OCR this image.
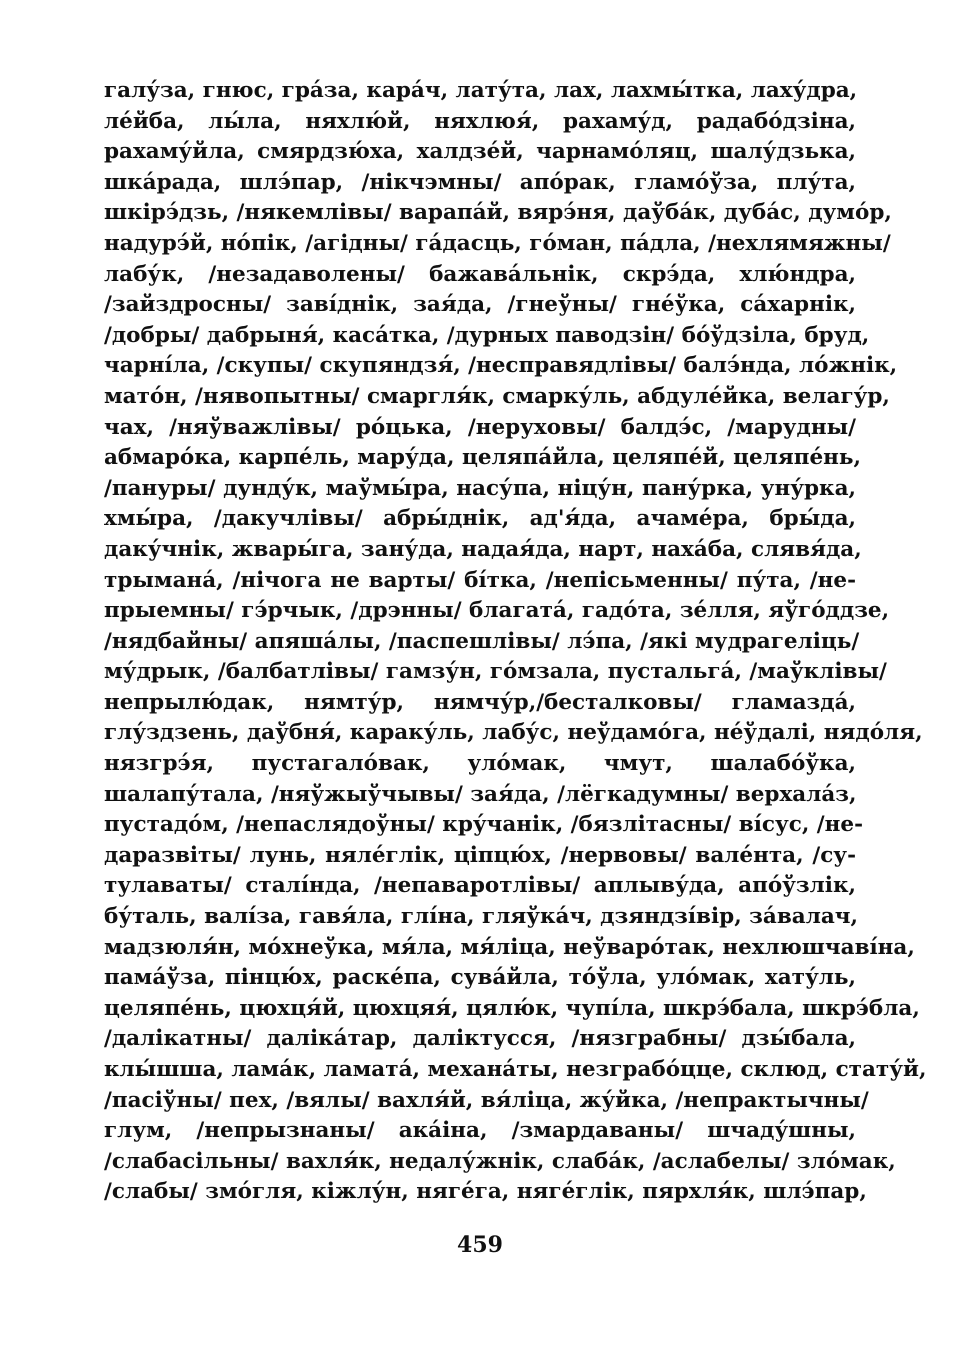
галу́за, гнюс, гра́за, кара́ч, лату́та, лах, лахмы́тка, лаху́дра,
ле́йба, лы́ла, няхлю́й, няхлюя́, рахаму́д, радабо́дзіна,
рахаму́йла, смярдзю́ха, халдзе́й, чарнамо́ляц, шалу́дзька,
шка́рада, шлэ́пар, /нікчэмны/ апо́рак, гламо́ўза, плу́та,
шкірэ́дзь, /някемлівы/ варапа́й, вярэ́ня, даўба́к, дуба́с, думо́р,
надурэ́й, но́пік, /агідны/ га́дасць, го́ман, па́дла, /нехлямяжны/
лабу́к, /незадаволены/ бажава́льнік, скрэ́да, хлю́ндра,
/зайздросны/ заві́днік, зая́да, /гнеўны/ гне́ўка, са́харнік,
/добры/ дабрыня́, каса́тка, /дурных паводзін/ бо́ўдзіла, бруд,
чарні́ла, /скупы/ скупяндзя́, /несправядлівы/ балэ́нда, ло́жнік,
мато́н, /нявопытны/ смаргля́к, смарку́ль, абдуле́йка, велагу́р,
чах, /няўважлівы/ ро́цька, /неруховы/ балдэ́с, /марудны/
абмаро́ка, карпе́ль, мару́да, целяпа́йла, целяпе́й, целяпе́нь,
/пануры/ дунду́к, маўмы́ра, насу́па, ніцу́н, пану́рка, уну́рка,
хмы́ра, /дакучлівы/ абры́днік, ад'я́да, ачаме́ра, бры́да,
даку́чнік, жвары́га, зану́да, надая́да, нарт, наха́ба, слявя́да,
трымана́, /нічога не варты/ бі́тка, /непісьменны/ пу́та, /не-
прыемны/ гэ́рчык, /дрэнны/ благата́, гадо́та, зе́лля, яўго́ддзе,
/нядбайны/ апяша́лы, /паспешлівы/ лэ́па, /які мудрагеліць/
му́дрык, /балбатлівы/ гамзу́н, го́мзала, пустальга́, /маўклівы/
непрылю́дак, нямту́р, нямчу́р,/бесталковы/ гламазда́,
глу́здзень, даўбня́, караку́ль, лабу́с, неўдамо́га, не́ўдалі, нядо́ля,
нязгрэ́я, пустагало́вак, уло́мак, чмут, шалабо́ўка,
шалапу́тала, /няўжыўчывы/ зая́да, /лёгкадумны/ верхала́з,
пустадо́м, /непаслядоўны/ кру́чанік, /бязлітасны/ ві́сус, /не-
даразвіты/ лунь, няле́глік, ціпцю́х, /нервовы/ вале́нта, /су-
тулаваты/ сталі́нда, /непаваротлівы/ аплыву́да, апо́ўзлік,
бу́таль, валі́за, гавя́ла, глі́на, гляўка́ч, дзяндзі́вір, за́валач,
мадзюля́н, мо́хнеўка, мя́ла, мя́ліца, неўваро́так, нехлюшчаві́на,
пама́ўза, пінцю́х, раске́па, сува́йла, то́ўла, уло́мак, хату́ль,
целяпе́нь, цюхця́й, цюхцяя́, цялю́к, чупі́ла, шкрэ́бала, шкрэ́бла,
/далікатны/ даліка́тар, даліктусся, /нязграбны/ дзы́бала,
клы́шша, лама́к, ламата́, механа́ты, незграбо́ццe, склюд, стату́й,
/пасіўны/ пех, /вялы/ вахля́й, вя́ліца, жу́йка, /непрактычны/
глум, /непрызнаны/ ака́іна, /змардаваны/ шчаду́шны,
/слабасільны/ вахля́к, недалу́жнік, слаба́к, /аслабелы/ зло́мак,
/слабы/ змо́гля, кіжлу́н, няге́га, няге́глік, пярхля́к, шлэ́пар,
459
